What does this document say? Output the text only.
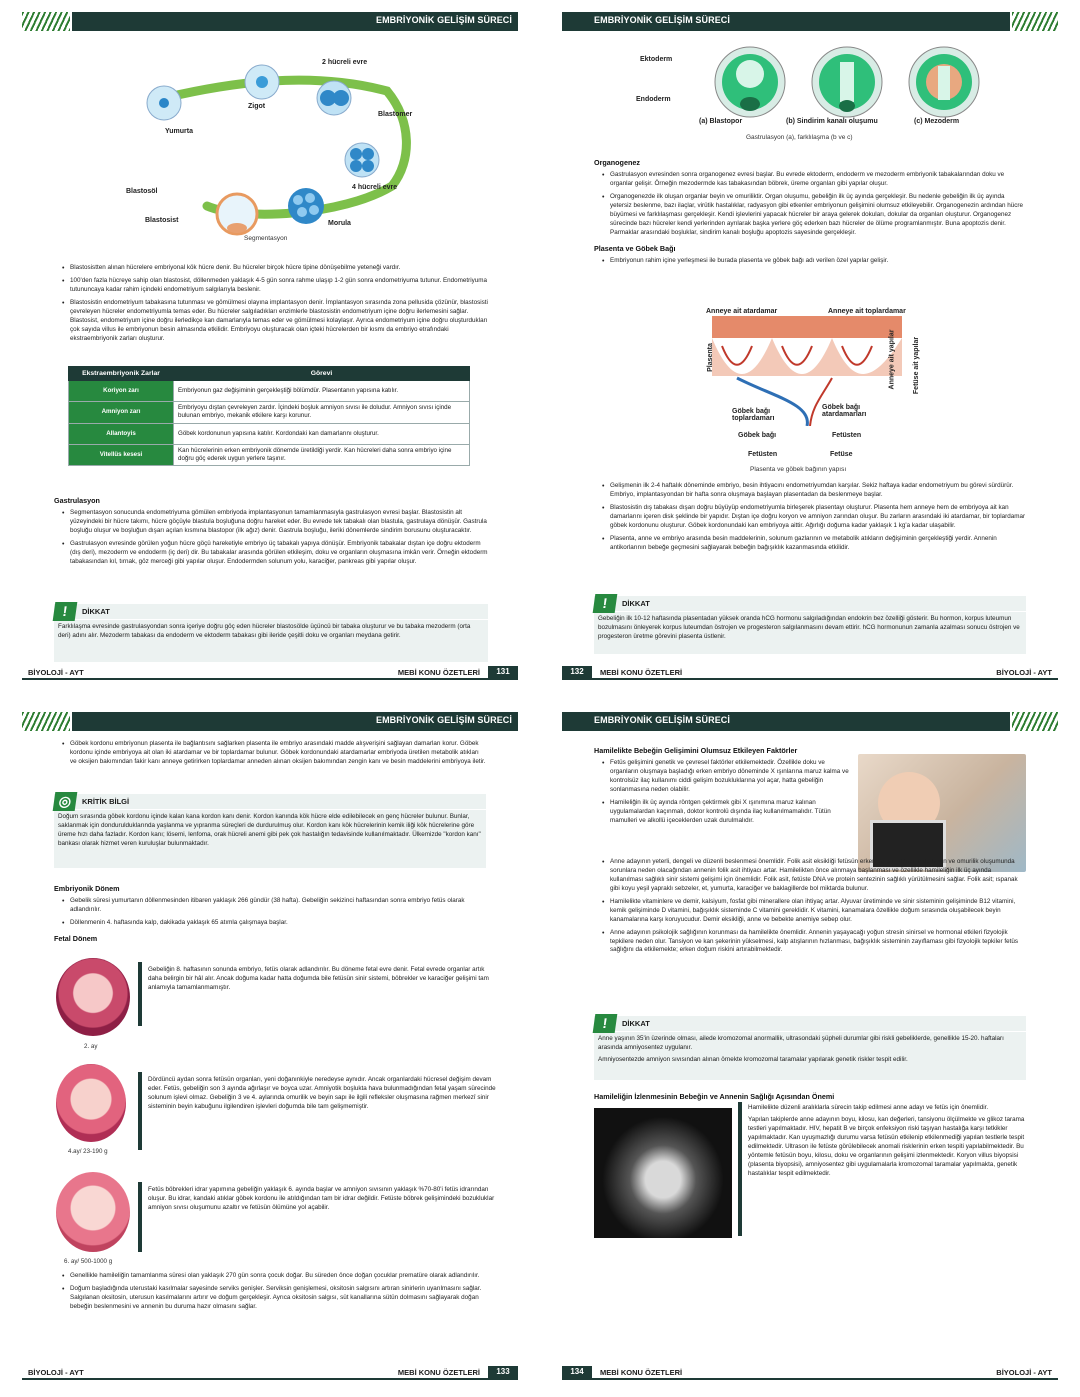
EMBRİYONİK GELİŞİM SÜRECİ
Yumurta
Zigot
2 hücreli evre
Blastomer
4 hücreli evre
Morula
Segmentasyon
Blastosöl
Blastosist
• Blastosistten alınan hücrelere embriyonal kök hücre denir. Bu hücreler birçok hücre tipine dönüşebilme yeteneği vardır.
• 100'den fazla hücreye sahip olan blastosist, döllenmeden yaklaşık 4-5 gün sonra rahme ulaşıp 1-2 gün sonra endometriyuma tutunur. Endometriyuma tutununcaya kadar rahim içindeki endometriyum salgılarıyla beslenir.
• Blastosistin endometriyum tabakasına tutunması ve gömülmesi olayına implantasyon denir. İmplantasyon sırasında zona pellusida çözünür, blastosisti çevreleyen hücreler endometriyumla temas eder. Bu hücreler salgıladıkları enzimlerle blastosistin endometriyum içine doğru ilerlemesini sağlar. Blastosist, endometriyum içine doğru ilerledikçe kan damarlarıyla temas eder ve gömülmesi kolaylaşır. Ayrıca endometriyum içine doğru oluşturdukları çok sayıda villus ile embriyonun besin almasında etkilidir. Embriyoyu oluşturacak olan içteki hücrelerden bir kısmı da embriyo etrafındaki ekstraembriyonik zarları oluşturur.
Ekstraembriyonik Zarlar	Görevi
Koriyon zarı	Embriyonun gaz değişiminin gerçekleştiği bölümdür. Plasentanın yapısına katılır.
Amniyon zarı	Embriyoyu dıştan çevreleyen zardır. İçindeki boşluk amniyon sıvısı ile doludur. Amniyon sıvısı içinde bulunan embriyo, mekanik etkilere karşı korunur.
Allantoyis	Göbek kordonunun yapısına katılır. Kordondaki kan damarlarını oluşturur.
Vitellüs kesesi	Kan hücrelerinin erken embriyonik dönemde üretildiği yerdir. Kan hücreleri daha sonra embriyo içine doğru göç ederek uygun yerlere taşınır.
Gastrulasyon
• Segmentasyon sonucunda endometriyuma gömülen embriyoda implantasyonun tamamlanmasıyla gastrulasyon evresi başlar. Blastosistin alt yüzeyindeki bir hücre takımı, hücre göçüyle blastula boşluğuna doğru hareket eder. Bu evrede tek tabakalı olan blastula, gastrulaya dönüşür. Gastrula boşluğu oluşur ve boşluğun dışarı açılan kısmına blastopor (ilk ağız) denir. Gastrula boşluğu, ileriki dönemlerde sindirim borusunu oluşturacaktır.
• Gastrulasyon evresinde görülen yoğun hücre göçü hareketiyle embriyo üç tabakalı yapıya dönüşür. Embriyonik tabakalar dıştan içe doğru ektoderm (dış deri), mezoderm ve endoderm (iç deri) dir. Bu tabakalar arasında görülen etkileşim, doku ve organların oluşmasına imkân verir. Örneğin ektoderm tabakasından kıl, tırnak, göz merceği gibi yapılar oluşur. Endodermden solunum yolu, karaciğer, pankreas gibi yapılar oluşur.
!	DİKKAT
Farklılaşma evresinde gastrulasyondan sonra içeriye doğru göç eden hücreler blastosölde üçüncü bir tabaka oluşturur ve bu tabaka mezoderm (orta deri) adını alır. Mezoderm tabakası da endoderm ve ektoderm tabakası gibi ileride çeşitli doku ve organları meydana getirir.
BİYOLOJİ - AYT	MEBİ KONU ÖZETLERİ	131
EMBRİYONİK GELİŞİM SÜRECİ
Ektoderm
Endoderm
(a) Blastopor	(b) Sindirim kanalı oluşumu	(c) Mezoderm
Gastrulasyon (a), farklılaşma (b ve c)
Organogenez
• Gastrulasyon evresinden sonra organogenez evresi başlar. Bu evrede ektoderm, endoderm ve mezoderm embriyonik tabakalarından doku ve organlar gelişir. Örneğin mezodermde kas tabakasından böbrek, üreme organları gibi yapılar oluşur.
• Organogenezde ilk oluşan organlar beyin ve omuriliktir. Organ oluşumu, gebeliğin ilk üç ayında gerçekleşir. Bu nedenle gebeliğin ilk üç ayında yetersiz beslenme, bazı ilaçlar, virütik hastalıklar, radyasyon gibi etkenler embriyonun gelişimini olumsuz etkileyebilir. Organogenezin ardından hücre büyümesi ve farklılaşması gerçekleşir. Kendi işlevlerini yapacak hücreler bir araya gelerek dokuları, dokular da organları oluşturur. Organogenez sürecinde bazı hücreler kendi yerlerinden ayrılarak başka yerlere göç ederken bazı hücreler de ölüme programlanmıştır. Buna apoptozis denir. Parmaklar arasındaki boşluklar, sindirim kanalı boşluğu apoptozis sayesinde gerçekleşir.
Plasenta ve Göbek Bağı
• Embriyonun rahim içine yerleşmesi ile burada plasenta ve göbek bağı adı verilen özel yapılar gelişir.
Anneye ait atardamar	Anneye ait toplardamar
Plasenta	Anneye ait yapılar	Fetüse ait yapılar
Göbek bağı toplardamarı
Göbek bağı atardamarları
Göbek bağı	Fetüsten
Fetüsten	Fetüse
Plasenta ve göbek bağının yapısı
• Gelişmenin ilk 2-4 haftalık döneminde embriyo, besin ihtiyacını endometriyumdan karşılar. Sekiz haftaya kadar endometriyum bu görevi sürdürür. Embriyo, implantasyondan bir hafta sonra oluşmaya başlayan plasentadan da beslenmeye başlar.
• Blastosistin dış tabakası dışarı doğru büyüyüp endometriyumla birleşerek plasentayı oluşturur. Plasenta hem anneye hem de embriyoya ait kan damarlarını içeren disk şeklinde bir yapıdır. Dıştan içe doğru koryon ve amniyon zarından oluşur. Bu zarların arasındaki iki atardamar, bir toplardamar göbek kordonunu oluşturur. Göbek kordonundaki kan embriyoya aittir. Ağırlığı doğuma kadar yaklaşık 1 kg'a kadar ulaşabilir.
• Plasenta, anne ve embriyo arasında besin maddelerinin, solunum gazlarının ve metabolik atıkların değişiminin gerçekleştiği yerdir. Annenin antikorlarının bebeğe geçmesini sağlayarak bebeğin bağışıklık kazanmasında etkilidir.
!	DİKKAT
Gebeliğin ilk 10-12 haftasında plasentadan yüksek oranda hCG hormonu salgıladığından endokrin bez özelliği gösterir. Bu hormon, korpus luteumun bozulmasını önleyerek korpus luteumdan östrojen ve progesteron salgılanmasını devam ettirir. hCG hormonunun zamanla azalması sonucu östrojen ve progesteron üretme görevini plasenta üstlenir.
132	MEBİ KONU ÖZETLERİ	BİYOLOJİ - AYT
EMBRİYONİK GELİŞİM SÜRECİ
• Göbek kordonu embriyonun plasenta ile bağlantısını sağlarken plasenta ile embriyo arasındaki madde alışverişini sağlayan damarları korur. Göbek kordonu içinde embriyoya ait olan iki atardamar ve bir toplardamar bulunur. Göbek kordonundaki atardamarlar embriyoda üretilen metabolik atıkları ve oksijen bakımından fakir kanı anneye getirirken toplardamar anneden alınan oksijen bakımından zengin kanı ve besin maddelerini embriyoya iletir.
◎	KRİTİK BİLGİ
Doğum sırasında göbek kordonu içinde kalan kana kordon kanı denir. Kordon kanında kök hücre elde edilebilecek en genç hücreler bulunur. Bunlar, saklanmak için dondurulduklarında yaşlanma ve yıpranma süreçleri de durdurulmuş olur. Kordon kanı kök hücrelerinin kemik iliği kök hücrelerine göre üreme hızı daha fazladır. Kordon kanı; lösemi, lenfoma, orak hücreli anemi gibi pek çok hastalığın tedavisinde kullanılmaktadır. Ülkemizde "kordon kanı" bankası olarak hizmet veren kuruluşlar bulunmaktadır.
Embriyonik Dönem
• Gebelik süresi yumurtanın döllenmesinden itibaren yaklaşık 266 gündür (38 hafta). Gebeliğin sekizinci haftasından sonra embriyo fetüs olarak adlandırılır.
• Döllenmenin 4. haftasında kalp, dakikada yaklaşık 65 atımla çalışmaya başlar.
Fetal Dönem
2. ay
Gebeliğin 8. haftasının sonunda embriyo, fetüs olarak adlandırılır. Bu döneme fetal evre denir. Fetal evrede organlar artık daha belirgin bir hâl alır. Ancak doğuma kadar hatta doğumda bile fetüsün sinir sistemi, böbrekler ve karaciğer gelişimi tam anlamıyla tamamlanmamıştır.
4.ay/ 23-190 g
Dördüncü aydan sonra fetüsün organları, yeni doğanınkiyle neredeyse aynıdır. Ancak organlardaki hücresel değişim devam eder. Fetüs, gebeliğin son 3 ayında ağırlaşır ve boyca uzar. Amniyotik boşlukta hava bulunmadığından fetal yaşam sürecinde solunum işlevi olmaz. Gebeliğin 3 ve 4. aylarında omurilik ve beyin sapı ile ilgili refleksler oluşmasına rağmen merkezî sinir sisteminin beyin kabuğunu ilgilendiren işlevleri doğumda bile tam gelişmemiştir.
6. ay/ 500-1000 g
Fetüs böbrekleri idrar yapımına gebeliğin yaklaşık 6. ayında başlar ve amniyon sıvısının yaklaşık %70-80'i fetüs idrarından oluşur. Bu idrar, kandaki atıklar göbek kordonu ile atıldığından tam bir idrar değildir. Fetüste böbrek gelişimindeki bozukluklar amniyon sıvısı oluşumunu azaltır ve fetüsün ölümüne yol açabilir.
• Genellikle hamileliğin tamamlanma süresi olan yaklaşık 270 gün sonra çocuk doğar. Bu süreden önce doğan çocuklar prematüre olarak adlandırılır.
• Doğum başladığında uterustaki kasılmalar sayesinde serviks genişler. Serviksin genişlemesi, oksitosin salgısını artıran sinirlerin uyarılmasını sağlar. Salgılanan oksitosin, uterusun kasılmalarını artırır ve doğum gerçekleşir. Ayrıca oksitosin salgısı, süt kanallarına sütün dolmasını sağlayarak doğan bebeğin beslenmesini ve annenin bu duruma hazır olmasını sağlar.
BİYOLOJİ - AYT	MEBİ KONU ÖZETLERİ	133
EMBRİYONİK GELİŞİM SÜRECİ
Hamilelikte Bebeğin Gelişimini Olumsuz Etkileyen Faktörler
• Fetüs gelişimini genetik ve çevresel faktörler etkilemektedir. Özellikle doku ve organların oluşmaya başladığı erken embriyo döneminde X ışınlarına maruz kalma ve kontrolsüz ilaç kullanımı ciddi gelişim bozukluklarına yol açar, hatta gebeliğin sonlanmasına neden olabilir.
• Hamileliğin ilk üç ayında röntgen çektirmek gibi X ışınımına maruz kalınan uygulamalardan kaçınmalı, doktor kontrolü dışında ilaç kullanılmamalıdır. Tütün mamulleri ve alkollü içeceklerden uzak durulmalıdır.
• Anne adayının yeterli, dengeli ve düzenli beslenmesi önemlidir. Folik asit eksikliği fetüsün erken gelişim döneminde beyin ve omurilik oluşumunda sorunlara neden olacağından annenin folik asit ihtiyacı artar. Hamilelikten önce alınmaya başlanması ve özellikle hamileliğin ilk üç ayında kullanılması sağlıklı sinir sistemi gelişimi için önemlidir. Folik asit, fetüste DNA ve protein sentezinin sağlıklı yürütülmesini sağlar. Folik asit; ıspanak gibi koyu yeşil yapraklı sebzeler, et, yumurta, karaciğer ve baklagillerde bol miktarda bulunur.
• Hamilelikte vitaminlere ve demir, kalsiyum, fosfat gibi minerallere olan ihtiyaç artar. Alyuvar üretiminde ve sinir sisteminin gelişiminde B12 vitamini, kemik gelişiminde D vitamini, bağışıklık sisteminde C vitamini gereklidir. K vitamini, kanamalara özellikle doğum sırasında oluşabilecek beyin kanamalarına karşı koruyucudur. Demir eksikliği, anne ve bebekte anemiye sebep olur.
• Anne adayının psikolojik sağlığının korunması da hamilelikte önemlidir. Annenin yaşayacağı yoğun stresin sinirsel ve hormonal etkileri fizyolojik tepkilere neden olur. Tansiyon ve kan şekerinin yükselmesi, kalp atışlarının hızlanması, bağışıklık sisteminin zayıflaması gibi fizyolojik tepkiler fetüs sağlığını da etkilemekte; erken doğum riskini artırabilmektedir.
!	DİKKAT
Anne yaşının 35'in üzerinde olması, ailede kromozomal anormallik, ultrasondaki şüpheli durumlar gibi riskli gebeliklerde, genellikle 15-20. haftaları arasında amniyosentez uygulanır.
Amniyosentezde amniyon sıvısından alınan örnekte kromozomal taramalar yapılarak genetik riskler tespit edilir.
Hamileliğin İzlenmesinin Bebeğin ve Annenin Sağlığı Açısından Önemi
Hamilelikte düzenli aralıklarla sürecin takip edilmesi anne adayı ve fetüs için önemlidir.
Yapılan takiplerde anne adayının boyu, kilosu, kan değerleri, tansiyonu ölçülmekte ve glikoz tarama testleri yapılmaktadır. HIV, hepatit B ve birçok enfeksiyon riski taşıyan hastalığa karşı tetkikler yapılmaktadır. Kan uyuşmazlığı durumu varsa fetüsün etkilenip etkilenmediği yapılan testlerle tespit edilmektedir. Ultrason ile fetüste görülebilecek anomali risklerinin erken tespiti yapılabilmektedir. Bu yöntemle fetüsün boyu, kilosu, doku ve organlarının gelişimi izlenmektedir. Koryon villus biyopsisi (plasenta biyopsisi), amniyosentez gibi uygulamalarla kromozomal taramalar yapılmakta, genetik hastalıklar tespit edilmektedir.
134	MEBİ KONU ÖZETLERİ	BİYOLOJİ - AYT
